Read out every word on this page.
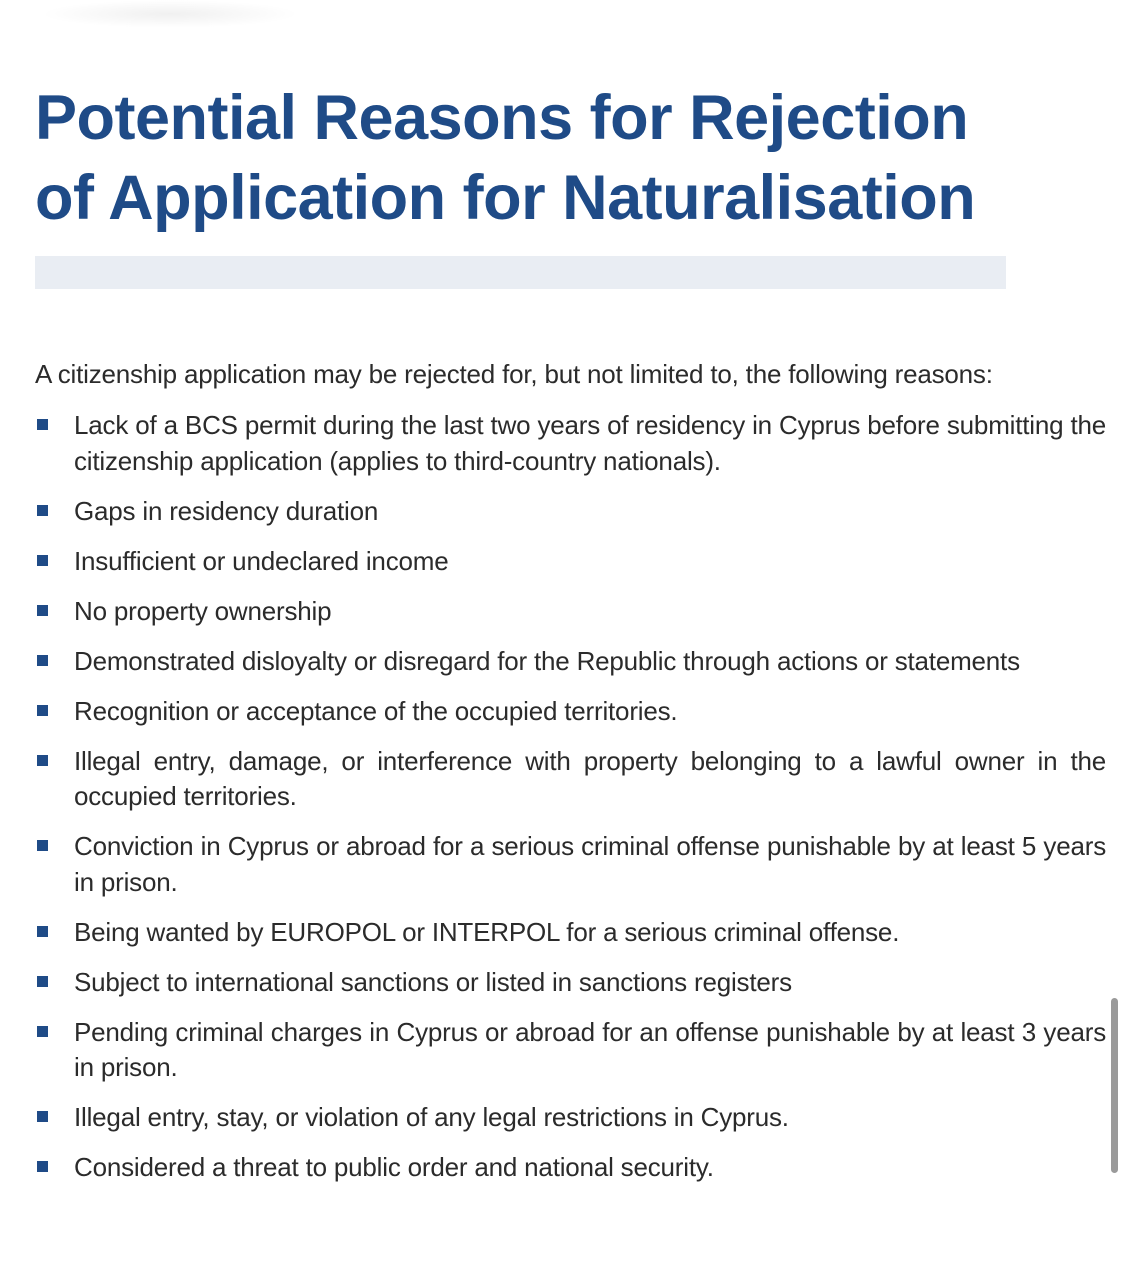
Potential Reasons for Rejection
of Application for Naturalisation

A citizenship application may be rejected for, but not limited to, the following reasons:

Lack of a BCS permit during the last two years of residency in Cyprus before submitting the citizenship application (applies to third-country nationals).
Gaps in residency duration
Insufficient or undeclared income
No property ownership
Demonstrated disloyalty or disregard for the Republic through actions or statements
Recognition or acceptance of the occupied territories.
Illegal entry, damage, or interference with property belonging to a lawful owner in the occupied territories.
Conviction in Cyprus or abroad for a serious criminal offense punishable by at least 5 years in prison.
Being wanted by EUROPOL or INTERPOL for a serious criminal offense.
Subject to international sanctions or listed in sanctions registers
Pending criminal charges in Cyprus or abroad for an offense punishable by at least 3 years in prison.
Illegal entry, stay, or violation of any legal restrictions in Cyprus.
Considered a threat to public order and national security.
